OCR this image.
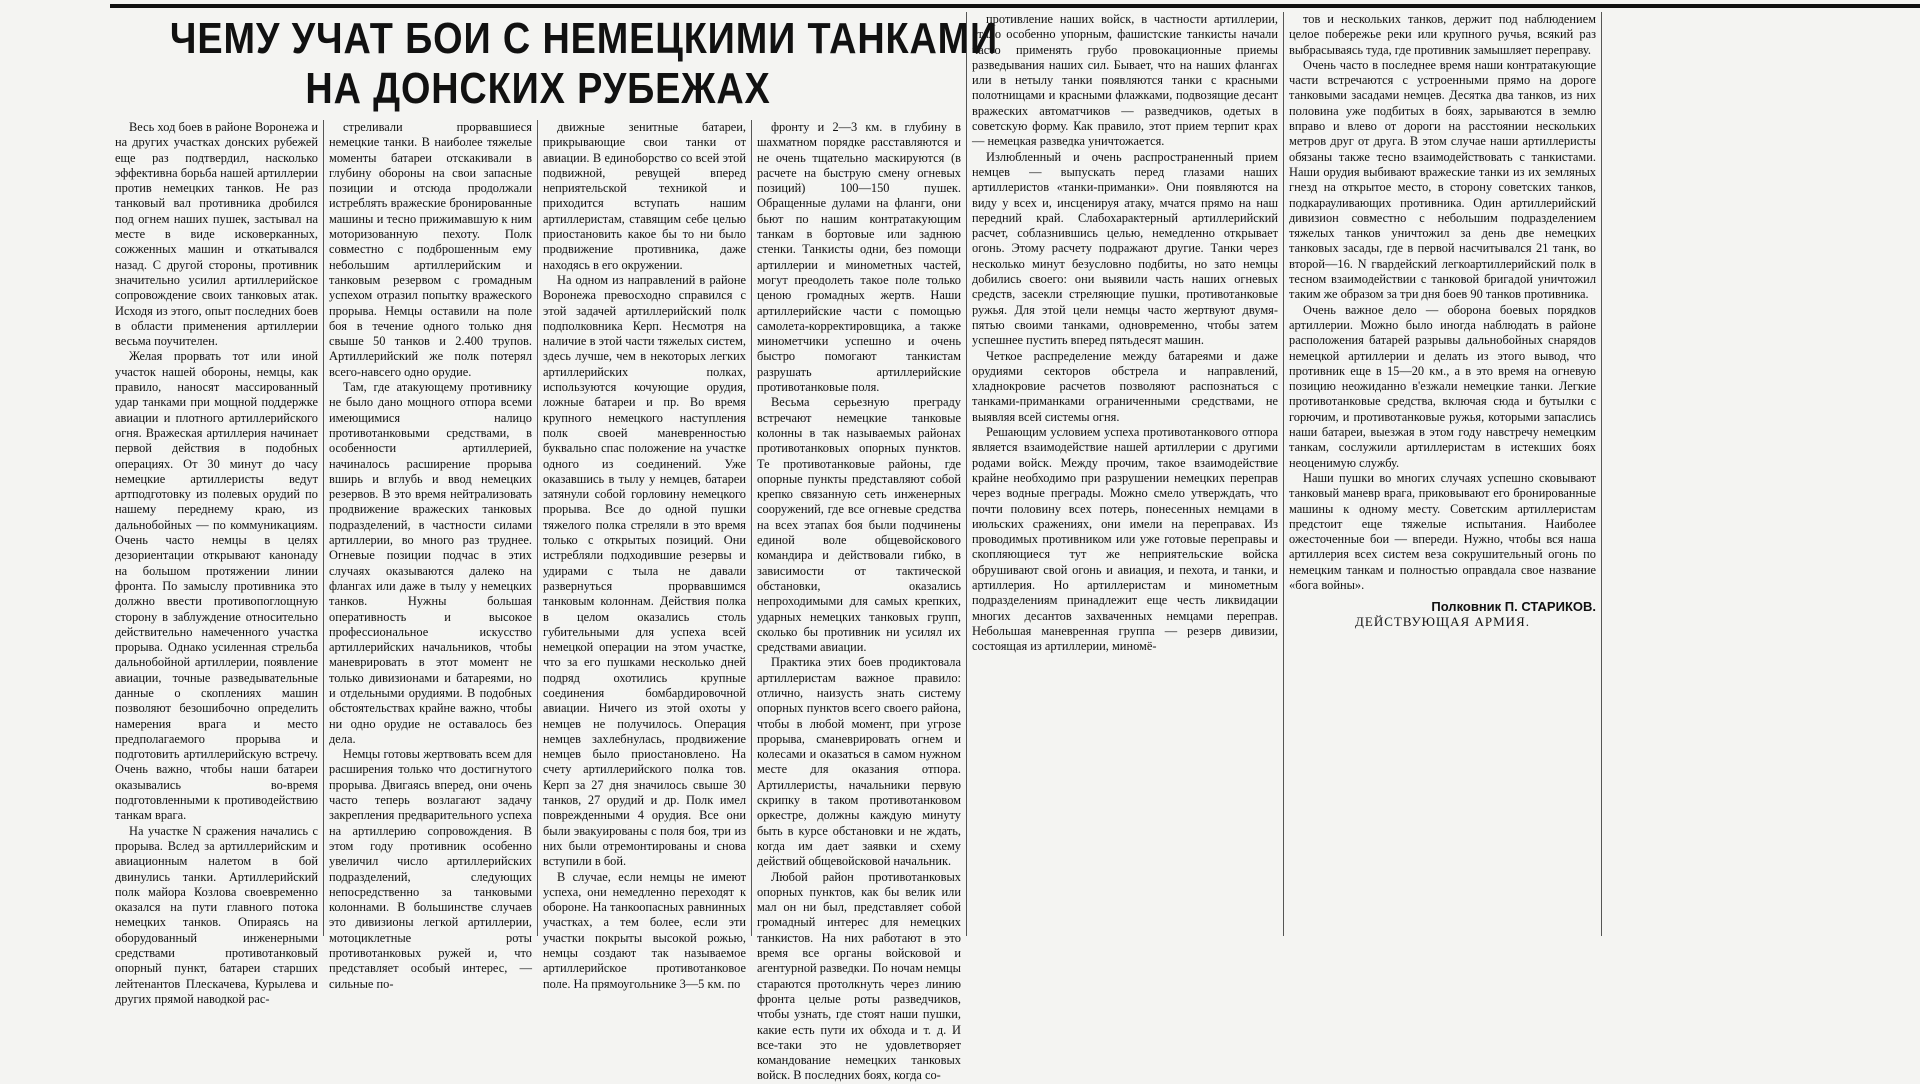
ЧЕМУ УЧАТ БОИ С НЕМЕЦКИМИ ТАНКАМИ
НА ДОНСКИХ РУБЕЖАХ

Весь ход боев в районе Воронежа и на других участках донских рубежей еще раз подтвердил, насколько эффективна борьба нашей артиллерии против немецких танков. Не раз танковый вал противника дробился под огнем наших пушек, застывал на месте в виде исковерканных, сожженных машин и откатывался назад. С другой стороны, противник значительно усилил артиллерийское сопровождение своих танковых атак. Исходя из этого, опыт последних боев в области применения артиллерии весьма поучителен.

Желая прорвать тот или иной участок нашей обороны, немцы, как правило, наносят массированный удар танками при мощной поддержке авиации и плотного артиллерийского огня. Вражеская артиллерия начинает первой действия в подобных операциях. От 30 минут до часу немецкие артиллеристы ведут артподготовку из полевых орудий по нашему переднему краю, из дальнобойных — по коммуникациям. Очень часто немцы в целях дезориентации открывают канонаду на большом протяжении линии фронта. По замыслу противника это должно ввести противопоглощную сторону в заблуждение относительно действительно намеченного участка прорыва. Однако усиленная стрельба дальнобойной артиллерии, появление авиации, точные разведывательные данные о скоплениях машин позволяют безошибочно определить намерения врага и место предполагаемого прорыва и подготовить артиллерийскую встречу. Очень важно, чтобы наши батареи оказывались во-время подготовленными к противодействию танкам врага.

На участке N сражения начались с прорыва. Вслед за артиллерийским и авиационным налетом в бой двинулись танки. Артиллерийский полк майора Козлова своевременно оказался на пути главного потока немецких танков. Опираясь на оборудованный инженерными средствами противотанковый опорный пункт, батареи старших лейтенантов Плескачева, Курылева и других прямой наводкой рас-

стреливали прорвавшиеся немецкие танки. В наиболее тяжелые моменты батареи отскакивали в глубину обороны на свои запасные позиции и отсюда продолжали истреблять вражеские бронированные машины и тесно прижимавшую к ним моторизованную пехоту. Полк совместно с подброшенным ему небольшим артиллерийским и танковым резервом с громадным успехом отразил попытку вражеского прорыва. Немцы оставили на поле боя в течение одного только дня свыше 50 танков и 2.400 трупов. Артиллерийский же полк потерял всего-навсего одно орудие.

Там, где атакующему противнику не было дано мощного отпора всеми имеющимися налицо противотанковыми средствами, в особенности артиллерией, начиналось расширение прорыва вширь и вглубь и ввод немецких резервов. В это время нейтрализовать продвижение вражеских танковых подразделений, в частности силами артиллерии, во много раз труднее. Огневые позиции подчас в этих случаях оказываются далеко на флангах или даже в тылу у немецких танков. Нужны большая оперативность и высокое профессиональное искусство артиллерийских начальников, чтобы маневрировать в этот момент не только дивизионами и батареями, но и отдельными орудиями. В подобных обстоятельствах крайне важно, чтобы ни одно орудие не оставалось без дела.

Немцы готовы жертвовать всем для расширения только что достигнутого прорыва. Двигаясь вперед, они очень часто теперь возлагают задачу закрепления предварительного успеха на артиллерию сопровождения. В этом году противник особенно увеличил число артиллерийских подразделений, следующих непосредственно за танковыми колоннами. В большинстве случаев это дивизионы легкой артиллерии, мотоциклетные роты противотанковых ружей и, что представляет особый интерес, — сильные по-

движные зенитные батареи, прикрывающие свои танки от авиации. В единоборство со всей этой подвижной, ревущей вперед неприятельской техникой и приходится вступать нашим артиллеристам, ставящим себе целью приостановить какое бы то ни было продвижение противника, даже находясь в его окружении.

На одном из направлений в районе Воронежа превосходно справился с этой задачей артиллерийский полк подполковника Керп. Несмотря на наличие в этой части тяжелых систем, здесь лучше, чем в некоторых легких артиллерийских полках, используются кочующие орудия, ложные батареи и пр. Во время крупного немецкого наступления полк своей маневренностью буквально спас положение на участке одного из соединений. Уже оказавшись в тылу у немцев, батареи затянули собой горловину немецкого прорыва. Все до одной пушки тяжелого полка стреляли в это время только с открытых позиций. Они истребляли подходившие резервы и удирами с тыла не давали развернуться прорвавшимся танковым колоннам. Действия полка в целом оказались столь губительными для успеха всей немецкой операции на этом участке, что за его пушками несколько дней подряд охотились крупные соединения бомбардировочной авиации. Ничего из этой охоты у немцев не получилось. Операция немцев захлебнулась, продвижение немцев было приостановлено. На счету артиллерийского полка тов. Керп за 27 дня значилось свыше 30 танков, 27 орудий и др. Полк имел поврежденными 4 орудия. Все они были эвакуированы с поля боя, три из них были отремонтированы и снова вступили в бой.

В случае, если немцы не имеют успеха, они немедленно переходят к обороне. На танкоопасных равнинных участках, а тем более, если эти участки покрыты высокой рожью, немцы создают так называемое артиллерийское противотанковое поле. На прямоугольнике 3—5 км. по

фронту и 2—3 км. в глубину в шахматном порядке расставляются и не очень тщательно маскируются (в расчете на быструю смену огневых позиций) 100—150 пушек. Обращенные дулами на фланги, они бьют по нашим контратакующим танкам в бортовые или заднюю стенки. Танкисты одни, без помощи артиллерии и минометных частей, могут преодолеть такое поле только ценою громадных жертв. Наши артиллерийские части с помощью самолета-корректировщика, а также минометчики успешно и очень быстро помогают танкистам разрушать артиллерийские противотанковые поля.

Весьма серьезную преграду встречают немецкие танковые колонны в так называемых районах противотанковых опорных пунктов. Те противотанковые районы, где опорные пункты представляют собой крепко связанную сеть инженерных сооружений, где все огневые средства на всех этапах боя были подчинены единой воле общевойскового командира и действовали гибко, в зависимости от тактической обстановки, оказались непроходимыми для самых крепких, ударных немецких танковых групп, сколько бы противник ни усилял их средствами авиации.

Практика этих боев продиктовала артиллеристам важное правило: отлично, наизусть знать систему опорных пунктов всего своего района, чтобы в любой момент, при угрозе прорыва, сманеврировать огнем и колесами и оказаться в самом нужном месте для оказания отпора. Артиллеристы, начальники первую скрипку в таком противотанковом оркестре, должны каждую минуту быть в курсе обстановки и не ждать, когда им дает заявки и схему действий общевойсковой начальник.

Любой район противотанковых опорных пунктов, как бы велик или мал он ни был, представляет собой громадный интерес для немецких танкистов. На них работают в это время все органы войсковой и агентурной разведки. По ночам немцы стараются протолкнуть через линию фронта целые роты разведчиков, чтобы узнать, где стоят наши пушки, какие есть пути их обхода и т. д. И все-таки это не удовлетворяет командование немецких танковых войск. В последних боях, когда со-

противление наших войск, в частности артиллерии, стало особенно упорным, фашистские танкисты начали часто применять грубо провокационные приемы разведывания наших сил. Бывает, что на наших флангах или в нетылу танки появляются танки с красными полотнищами и красными флажками, подвозящие десант вражеских автоматчиков — разведчиков, одетых в советскую форму. Как правило, этот прием терпит крах — немецкая разведка уничтожается.

Излюбленный и очень распространенный прием немцев — выпускать перед глазами наших артиллеристов «танки-приманки». Они появляются на виду у всех и, инсценируя атаку, мчатся прямо на наш передний край. Слабохарактерный артиллерийский расчет, соблазнившись целью, немедленно открывает огонь. Этому расчету подражают другие. Танки через несколько минут безусловно подбиты, но зато немцы добились своего: они выявили часть наших огневых средств, засекли стреляющие пушки, противотанковые ружья. Для этой цели немцы часто жертвуют двумя-пятью своими танками, одновременно, чтобы затем успешнее пустить вперед пятьдесят машин.

Четкое распределение между батареями и даже орудиями секторов обстрела и направлений, хладнокровие расчетов позволяют распознаться с танками-приманками ограниченными средствами, не выявляя всей системы огня.

Решающим условием успеха противотанкового отпора является взаимодействие нашей артиллерии с другими родами войск. Между прочим, такое взаимодействие крайне необходимо при разрушении немецких переправ через водные преграды. Можно смело утверждать, что почти половину всех потерь, понесенных немцами в июльских сражениях, они имели на переправах. Из проводимых противником или уже готовые переправы и скопляющиеся тут же неприятельские войска обрушивают свой огонь и авиация, и пехота, и танки, и артиллерия. Но артиллеристам и минометным подразделениям принадлежит еще честь ликвидации многих десантов захваченных немцами переправ. Небольшая маневренная группа — резерв дивизии, состоящая из артиллерии, миномё-

тов и нескольких танков, держит под наблюдением целое побережье реки или крупного ручья, всякий раз выбрасываясь туда, где противник замышляет переправу.

Очень часто в последнее время наши контратакующие части встречаются с устроенными прямо на дороге танковыми засадами немцев. Десятка два танков, из них половина уже подбитых в боях, зарываются в землю вправо и влево от дороги на расстоянии нескольких метров друг от друга. В этом случае наши артиллеристы обязаны также тесно взаимодействовать с танкистами. Наши орудия выбивают вражеские танки из их земляных гнезд на открытое место, в сторону советских танков, подкарауливающих противника. Один артиллерийский дивизион совместно с небольшим подразделением тяжелых танков уничтожил за день две немецких танковых засады, где в первой насчитывался 21 танк, во второй—16. N гвардейский легкоартиллерийский полк в тесном взаимодействии с танковой бригадой уничтожил таким же образом за три дня боев 90 танков противника.

Очень важное дело — оборона боевых порядков артиллерии. Можно было иногда наблюдать в районе расположения батарей разрывы дальнобойных снарядов немецкой артиллерии и делать из этого вывод, что противник еще в 15—20 км., а в это время на огневую позицию неожиданно в'езжали немецкие танки. Легкие противотанковые средства, включая сюда и бутылки с горючим, и противотанковые ружья, которыми запаслись наши батареи, выезжая в этом году навстречу немецким танкам, сослужили артиллеристам в истекших боях неоценимую службу.

Наши пушки во многих случаях успешно сковывают танковый маневр врага, приковывают его бронированные машины к одному месту. Советским артиллеристам предстоит еще тяжелые испытания. Наиболее ожесточенные бои — впереди. Нужно, чтобы вся наша артиллерия всех систем веза сокрушительный огонь по немецким танкам и полностью оправдала свое название «бога войны».

Полковник П. СТАРИКОВ.
ДЕЙСТВУЮЩАЯ АРМИЯ.
